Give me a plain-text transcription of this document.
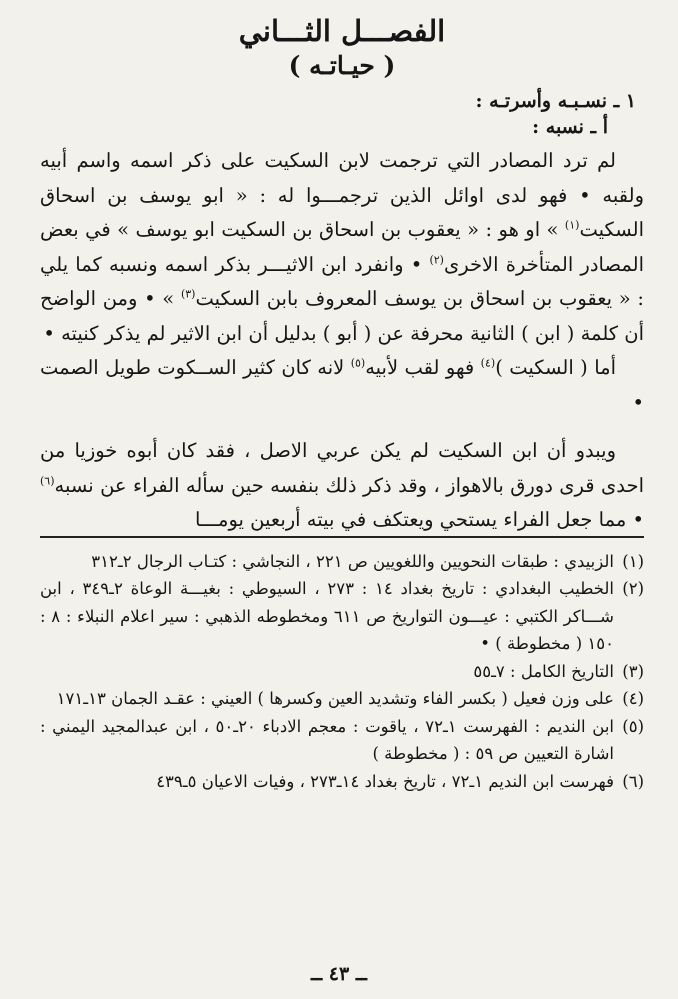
الفصـــل الثـــاني
( حيـاتـه )
١ ـ نسـبـه وأسرتـه :
أ ـ نسبه :

لم ترد المصادر التي ترجمت لابن السكيت على ذكر اسمه واسم أبيه ولقبه • فهو لدى اوائل الذين ترجمـــوا له : « ابو يوسف بن اسحاق السكيت$^{(١)}$ » او هو : « يعقوب بن اسحاق بن السكيت ابو يوسف » في بعض المصادر المتأخرة الاخرى$^{(٢)}$ • وانفرد ابن الاثيـــر بذكر اسمه ونسبه كما يلي : « يعقوب بن اسحاق بن يوسف المعروف بابن السكيت$^{(٣)}$ » • ومن الواضح أن كلمة ( ابن ) الثانية محرفة عن ( أبو ) بدليل أن ابن الاثير لم يذكر كنيته •

أما ( السكيت )$^{(٤)}$ فهو لقب لأبيه$^{(٥)}$ لانه كان كثير الســكوت طويل الصمت •

ويبدو أن ابن السكيت لم يكن عربي الاصل ، فقد كان أبوه خوزيا من احدى قرى دورق بالاهواز ، وقد ذكر ذلك بنفسه حين سأله الفراء عن نسبه$^{(٦)}$ • مما جعل الفراء يستحي ويعتكف في بيته أربعين يومـــا

(١)
الزبيدي : طبقات النحويين واللغويين ص ٢٢١ ، النجاشي : كتـاب الرجال ٢ـ٣١٢
(٢)
الخطيب البغدادي : تاريخ بغداد ١٤ : ٢٧٣ ، السيوطي : بغيـــة الوعاة ٢ـ٣٤٩ ، ابن شـــاكر الكتبي : عيـــون التواريخ ص ٦١١ ومخطوطه الذهبي : سير اعلام النبلاء : ٨ : ١٥٠ ( مخطوطة ) •
(٣)
التاريخ الكامل : ٧ـ٥٥
(٤)
على وزن فعيل ( بكسر الفاء وتشديد العين وكسرها ) العيني : عقـد الجمان ١٣ـ١٧١
(٥)
ابن النديم : الفهرست ١ـ٧٢ ، ياقوت : معجم الادباء ٢٠ـ٥٠ ، ابن عبدالمجيد اليمني : اشارة التعيين ص ٥٩ : ( مخطوطة )
(٦)
فهرست ابن النديم ١ـ٧٢ ، تاريخ بغداد ١٤ـ٢٧٣ ، وفيات الاعيان ٥ـ٤٣٩
ــ ٤٣ ــ
